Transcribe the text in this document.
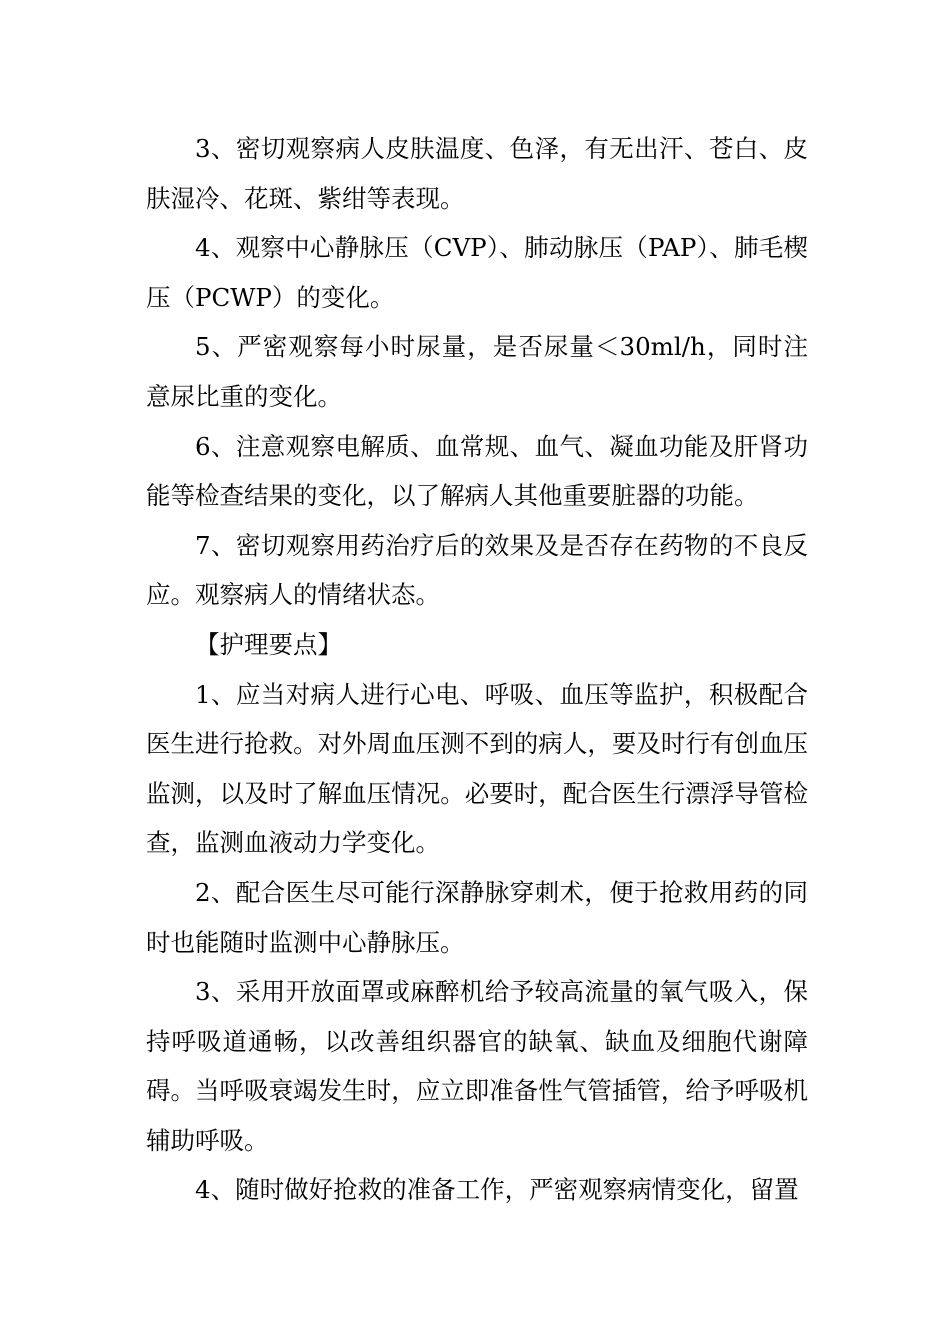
3、密切观察病人皮肤温度、色泽，有无出汗、苍白、皮肤湿冷、花斑、紫绀等表现。

4、观察中心静脉压（CVP）、肺动脉压（PAP）、肺毛楔压（PCWP）的变化。

5、严密观察每小时尿量，是否尿量＜30ml/h，同时注意尿比重的变化。

6、注意观察电解质、血常规、血气、凝血功能及肝肾功能等检查结果的变化，以了解病人其他重要脏器的功能。

7、密切观察用药治疗后的效果及是否存在药物的不良反应。观察病人的情绪状态。

【护理要点】

1、应当对病人进行心电、呼吸、血压等监护，积极配合医生进行抢救。对外周血压测不到的病人，要及时行有创血压监测，以及时了解血压情况。必要时，配合医生行漂浮导管检查，监测血液动力学变化。

2、配合医生尽可能行深静脉穿刺术，便于抢救用药的同时也能随时监测中心静脉压。

3、采用开放面罩或麻醉机给予较高流量的氧气吸入，保持呼吸道通畅，以改善组织器官的缺氧、缺血及细胞代谢障碍。当呼吸衰竭发生时，应立即准备性气管插管，给予呼吸机辅助呼吸。

4、随时做好抢救的准备工作，严密观察病情变化，留置
